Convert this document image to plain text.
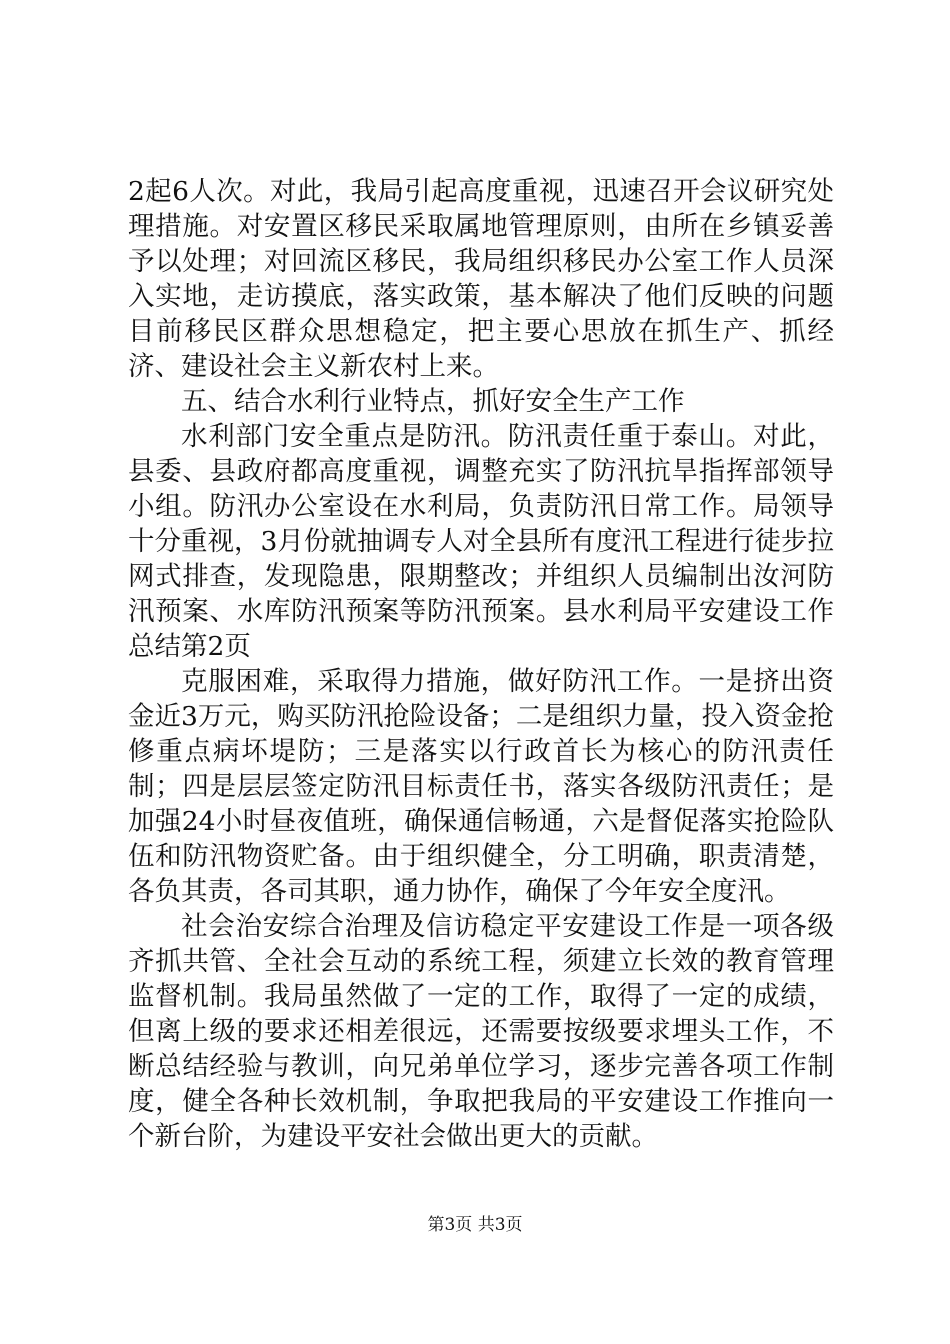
2起6人次。对此，我局引起高度重视，迅速召开会议研究处理措施。对安置区移民采取属地管理原则，由所在乡镇妥善予以处理；对回流区移民，我局组织移民办公室工作人员深入实地，走访摸底，落实政策，基本解决了他们反映的问题目前移民区群众思想稳定，把主要心思放在抓生产、抓经济、建设社会主义新农村上来。

五、结合水利行业特点，抓好安全生产工作

水利部门安全重点是防汛。防汛责任重于泰山。对此，县委、县政府都高度重视，调整充实了防汛抗旱指挥部领导小组。防汛办公室设在水利局，负责防汛日常工作。局领导十分重视，3月份就抽调专人对全县所有度汛工程进行徒步拉网式排查，发现隐患，限期整改；并组织人员编制出汝河防汛预案、水库防汛预案等防汛预案。县水利局平安建设工作总结第2页

克服困难，采取得力措施，做好防汛工作。一是挤出资金近3万元，购买防汛抢险设备；二是组织力量，投入资金抢修重点病坏堤防；三是落实以行政首长为核心的防汛责任制；四是层层签定防汛目标责任书，落实各级防汛责任；是加强24小时昼夜值班，确保通信畅通，六是督促落实抢险队伍和防汛物资贮备。由于组织健全，分工明确，职责清楚，各负其责，各司其职，通力协作，确保了今年安全度汛。

社会治安综合治理及信访稳定平安建设工作是一项各级齐抓共管、全社会互动的系统工程，须建立长效的教育管理监督机制。我局虽然做了一定的工作，取得了一定的成绩，但离上级的要求还相差很远，还需要按级要求埋头工作，不断总结经验与教训，向兄弟单位学习，逐步完善各项工作制度，健全各种长效机制，争取把我局的平安建设工作推向一个新台阶，为建设平安社会做出更大的贡献。

第3页 共3页
